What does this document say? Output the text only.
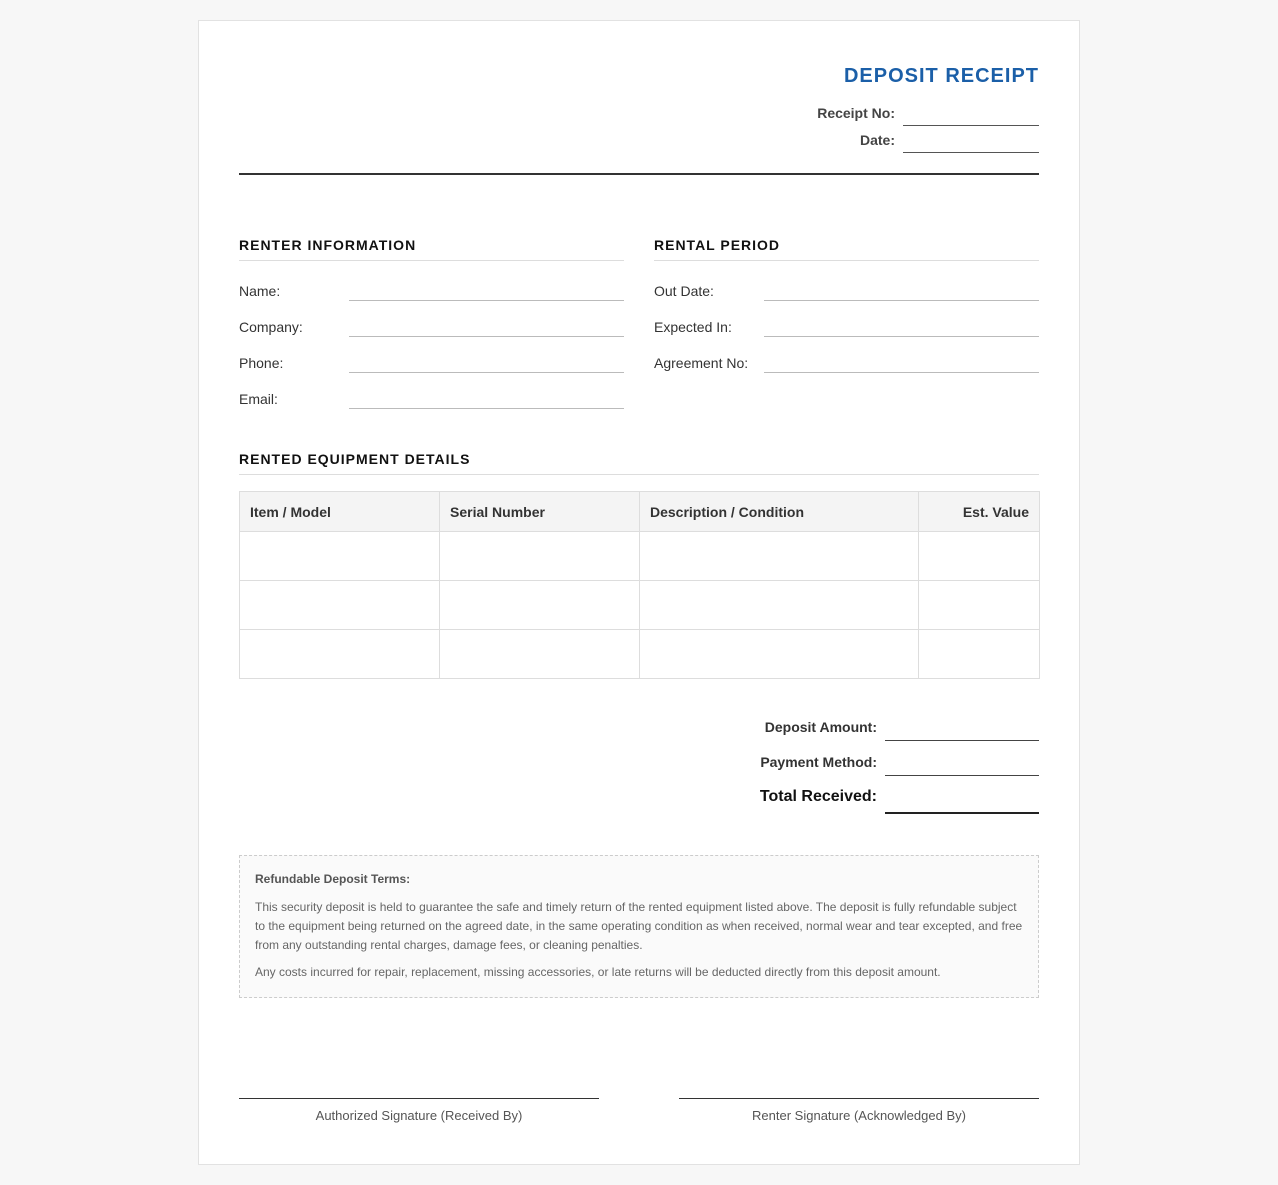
DEPOSIT RECEIPT
Receipt No:
Date:
RENTER INFORMATION
Name:
Company:
Phone:
Email:
RENTAL PERIOD
Out Date:
Expected In:
Agreement No:
RENTED EQUIPMENT DETAILS
Item / Model	Serial Number	Description / Condition	Est. Value

Deposit Amount:
Payment Method:
Total Received:
Refundable Deposit Terms:

This security deposit is held to guarantee the safe and timely return of the rented equipment listed above. The deposit is fully refundable subject to the equipment being returned on the agreed date, in the same operating condition as when received, normal wear and tear excepted, and free from any outstanding rental charges, damage fees, or cleaning penalties.

Any costs incurred for repair, replacement, missing accessories, or late returns will be deducted directly from this deposit amount.

Authorized Signature (Received By)	Renter Signature (Acknowledged By)
